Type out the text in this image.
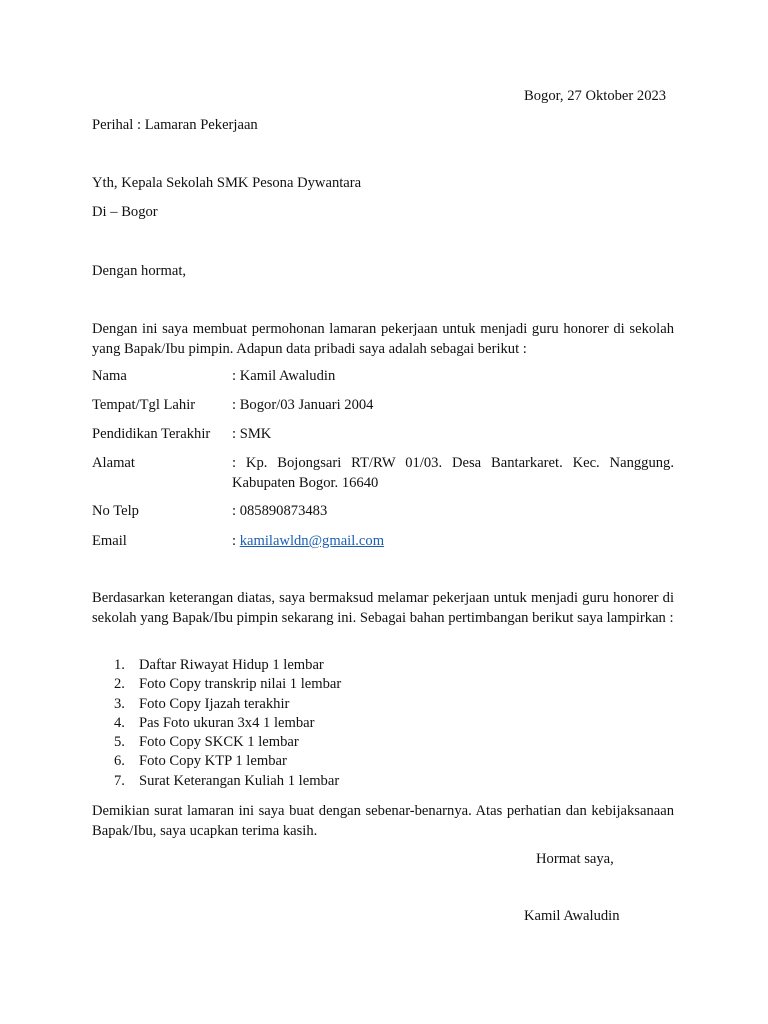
Bogor, 27 Oktober 2023
Perihal : Lamaran Pekerjaan
Yth, Kepala Sekolah SMK Pesona Dywantara
Di – Bogor
Dengan hormat,
Dengan ini saya membuat permohonan lamaran pekerjaan untuk menjadi guru honorer di sekolah yang Bapak/Ibu pimpin. Adapun data pribadi saya adalah sebagai berikut :
Nama	: Kamil Awaludin
Tempat/Tgl Lahir	: Bogor/03 Januari 2004
Pendidikan Terakhir : SMK
Alamat	: Kp. Bojongsari RT/RW 01/03. Desa Bantarkaret. Kec. Nanggung. Kabupaten Bogor. 16640
No Telp	: 085890873483
Email	: kamilawldn@gmail.com
Berdasarkan keterangan diatas, saya bermaksud melamar pekerjaan untuk menjadi guru honorer di sekolah yang Bapak/Ibu pimpin sekarang ini. Sebagai bahan pertimbangan berikut saya lampirkan :
1. Daftar Riwayat Hidup 1 lembar
2. Foto Copy transkrip nilai 1 lembar
3. Foto Copy Ijazah terakhir
4. Pas Foto ukuran 3x4 1 lembar
5. Foto Copy SKCK 1 lembar
6. Foto Copy KTP 1 lembar
7. Surat Keterangan Kuliah 1 lembar
Demikian surat lamaran ini saya buat dengan sebenar-benarnya. Atas perhatian dan kebijaksanaan Bapak/Ibu, saya ucapkan terima kasih.
Hormat saya,
Kamil Awaludin
